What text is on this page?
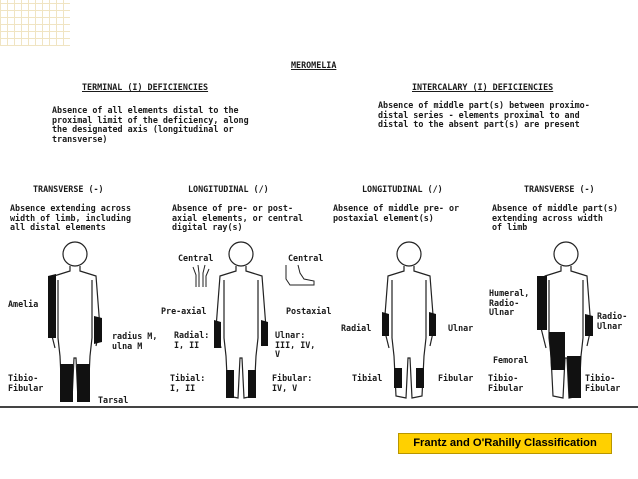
MEROMELIA
TERMINAL (I) DEFICIENCIES
Absence of all elements distal to the
proximal limit of the deficiency, along
the designated axis (longitudinal or
transverse)
INTERCALARY (I) DEFICIENCIES
Absence of middle part(s) between proximo-
distal series - elements proximal to and
distal to the absent part(s) are present
TRANSVERSE (-)
Absence extending across
width of limb, including
all distal elements
LONGITUDINAL (/)
Absence of pre- or post-
axial elements, or central
digital ray(s)
LONGITUDINAL (/)
Absence of middle pre- or
postaxial element(s)
TRANSVERSE (-)
Absence of middle part(s)
extending across width
of limb
Amelia
radius M,
ulna M
Tibio-
Fibular
Tarsal
Central	Central
Pre-axial	Postaxial
Radial:
I, II
Ulnar:
III, IV,
V
Tibial:
I, II
Fibular:
IV, V
Radial	Ulnar
Tibial	Fibular
Humeral,
Radio-
Ulnar	Radio-
Ulnar
Femoral
Tibio-
Fibular
Tibio-
Fibular
Frantz and O'Rahilly Classification
